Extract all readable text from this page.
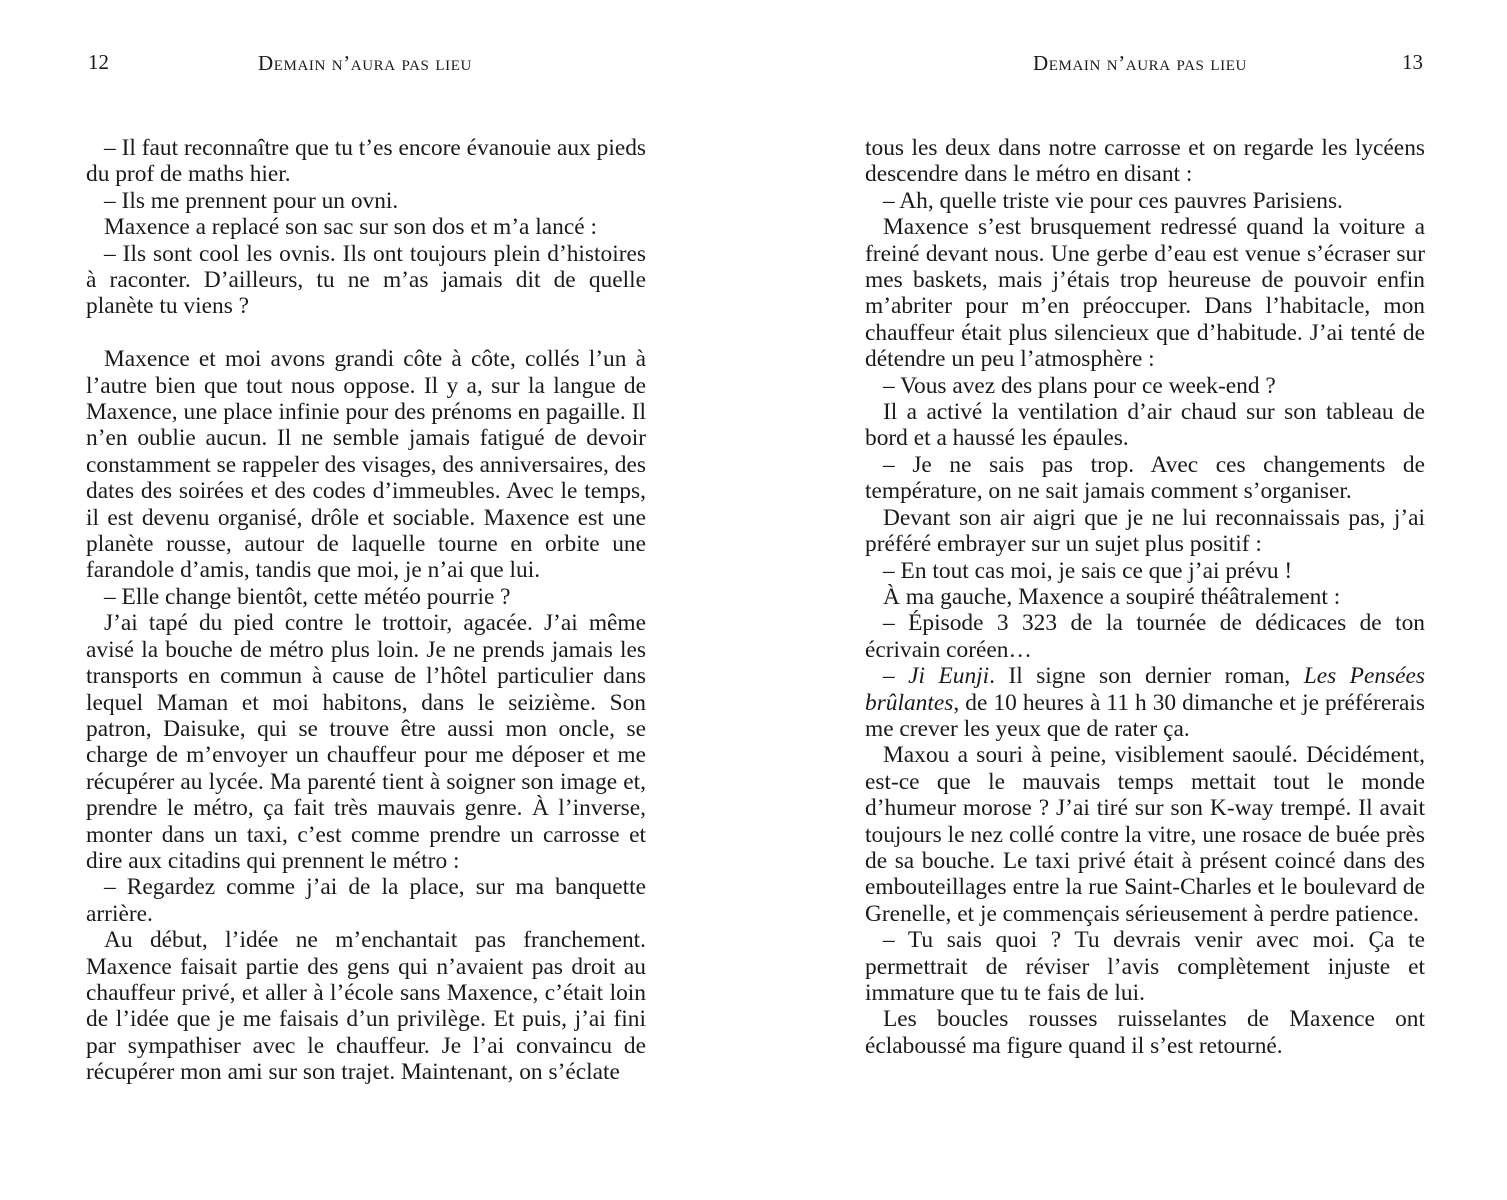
12	Demain n’aura pas lieu

– Il faut reconnaître que tu t’es encore évanouie aux pieds du prof de maths hier.

– Ils me prennent pour un ovni.

Maxence a replacé son sac sur son dos et m’a lancé :

– Ils sont cool les ovnis. Ils ont toujours plein d’histoires à raconter. D’ailleurs, tu ne m’as jamais dit de quelle planète tu viens ?

Maxence et moi avons grandi côte à côte, collés l’un à l’autre bien que tout nous oppose. Il y a, sur la langue de Maxence, une place infinie pour des prénoms en pagaille. Il n’en oublie aucun. Il ne semble jamais fatigué de devoir constamment se rappeler des visages, des anniversaires, des dates des soirées et des codes d’immeubles. Avec le temps, il est devenu organisé, drôle et sociable. Maxence est une planète rousse, autour de laquelle tourne en orbite une farandole d’amis, tandis que moi, je n’ai que lui.

– Elle change bientôt, cette météo pourrie ?

J’ai tapé du pied contre le trottoir, agacée. J’ai même avisé la bouche de métro plus loin. Je ne prends jamais les transports en commun à cause de l’hôtel particulier dans lequel Maman et moi habitons, dans le seizième. Son patron, Daisuke, qui se trouve être aussi mon oncle, se charge de m’envoyer un chauffeur pour me déposer et me récupérer au lycée. Ma parenté tient à soigner son image et, prendre le métro, ça fait très mauvais genre. À l’inverse, monter dans un taxi, c’est comme prendre un carrosse et dire aux citadins qui prennent le métro :

– Regardez comme j’ai de la place, sur ma banquette arrière.

Au début, l’idée ne m’enchantait pas franchement. Maxence faisait partie des gens qui n’avaient pas droit au chauffeur privé, et aller à l’école sans Maxence, c’était loin de l’idée que je me faisais d’un privilège. Et puis, j’ai fini par sympathiser avec le chauffeur. Je l’ai convaincu de récupérer mon ami sur son trajet. Maintenant, on s’éclate

Demain n’aura pas lieu	13

tous les deux dans notre carrosse et on regarde les lycéens descendre dans le métro en disant :

– Ah, quelle triste vie pour ces pauvres Parisiens.

Maxence s’est brusquement redressé quand la voiture a freiné devant nous. Une gerbe d’eau est venue s’écraser sur mes baskets, mais j’étais trop heureuse de pouvoir enfin m’abriter pour m’en préoccuper. Dans l’habitacle, mon chauffeur était plus silencieux que d’habitude. J’ai tenté de détendre un peu l’atmosphère :

– Vous avez des plans pour ce week-end ?

Il a activé la ventilation d’air chaud sur son tableau de bord et a haussé les épaules.

– Je ne sais pas trop. Avec ces changements de température, on ne sait jamais comment s’organiser.

Devant son air aigri que je ne lui reconnaissais pas, j’ai préféré embrayer sur un sujet plus positif :

– En tout cas moi, je sais ce que j’ai prévu !

À ma gauche, Maxence a soupiré théâtralement :

– Épisode 3 323 de la tournée de dédicaces de ton écrivain coréen…

– Ji Eunji. Il signe son dernier roman, Les Pensées brûlantes, de 10 heures à 11 h 30 dimanche et je préférerais me crever les yeux que de rater ça.

Maxou a souri à peine, visiblement saoulé. Décidément, est-ce que le mauvais temps mettait tout le monde d’humeur morose ? J’ai tiré sur son K-way trempé. Il avait toujours le nez collé contre la vitre, une rosace de buée près de sa bouche. Le taxi privé était à présent coincé dans des embouteillages entre la rue Saint-Charles et le boulevard de Grenelle, et je commençais sérieusement à perdre patience.

– Tu sais quoi ? Tu devrais venir avec moi. Ça te permettrait de réviser l’avis complètement injuste et immature que tu te fais de lui.

Les boucles rousses ruisselantes de Maxence ont éclaboussé ma figure quand il s’est retourné.
